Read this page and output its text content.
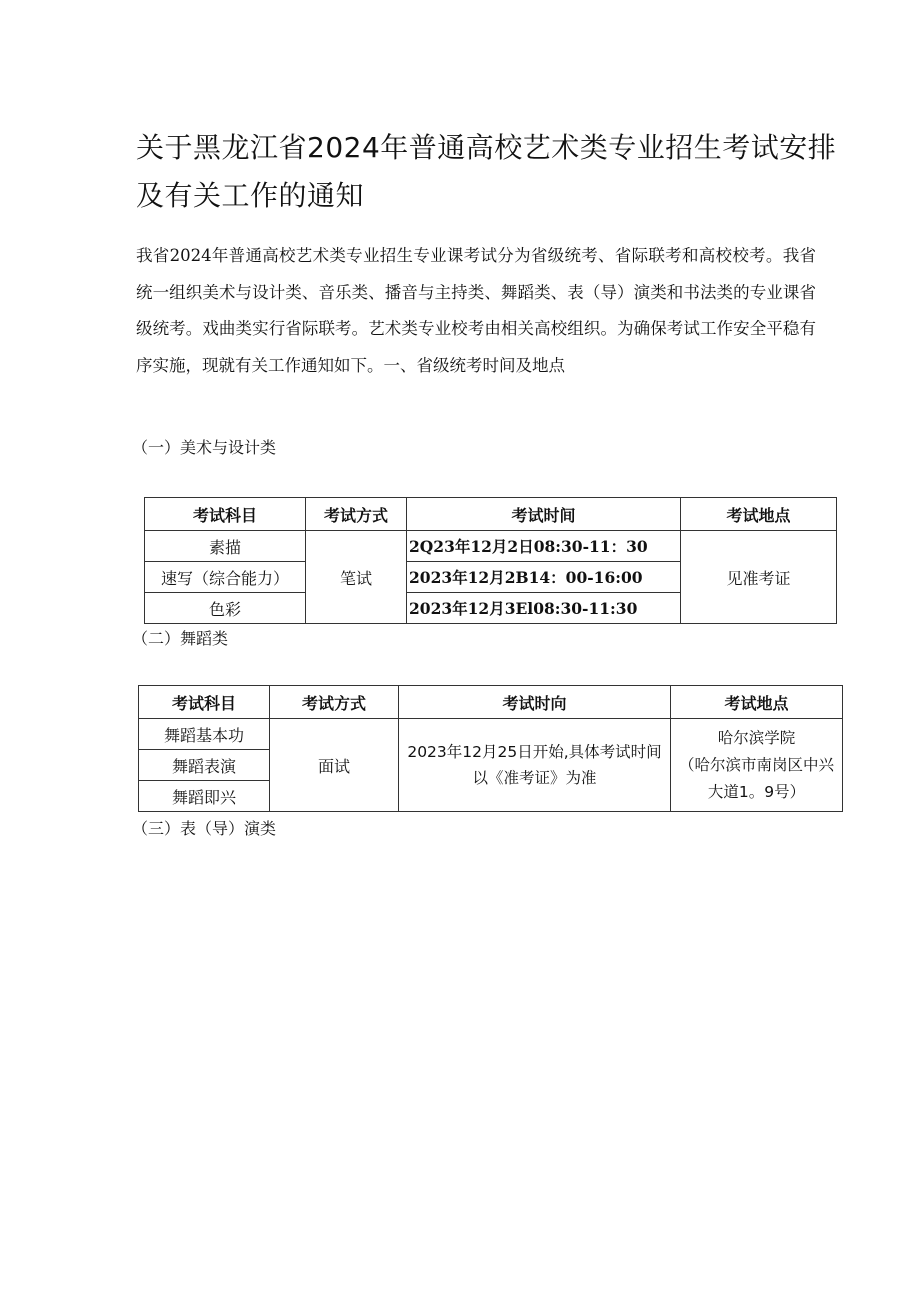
关于黑龙江省2024年普通高校艺术类专业招生考试安排及有关工作的通知

我省2024年普通高校艺术类专业招生专业课考试分为省级统考、省际联考和高校校考。我省统一组织美术与设计类、音乐类、播音与主持类、舞蹈类、表（导）演类和书法类的专业课省级统考。戏曲类实行省际联考。艺术类专业校考由相关高校组织。为确保考试工作安全平稳有序实施，现就有关工作通知如下。一、省级统考时间及地点

（一）美术与设计类

考试科目	考试方式	考试时间	考试地点
素描	笔试	2Q23年12月2日08:30-11：30	见准考证
速写（综合能力）		2023年12月2B14：00-16:00	
色彩		2023年12月3El08:30-11:30	

（二）舞蹈类

考试科目	考试方式	考试时向	考试地点
舞蹈基本功	面试	2023年12月25日开始,具体考试时间以《准考证》为准	哈尔滨学院
（哈尔滨市南岗区中兴大道1。9号）

舞蹈表演			
舞蹈即兴			

（三）表（导）演类
